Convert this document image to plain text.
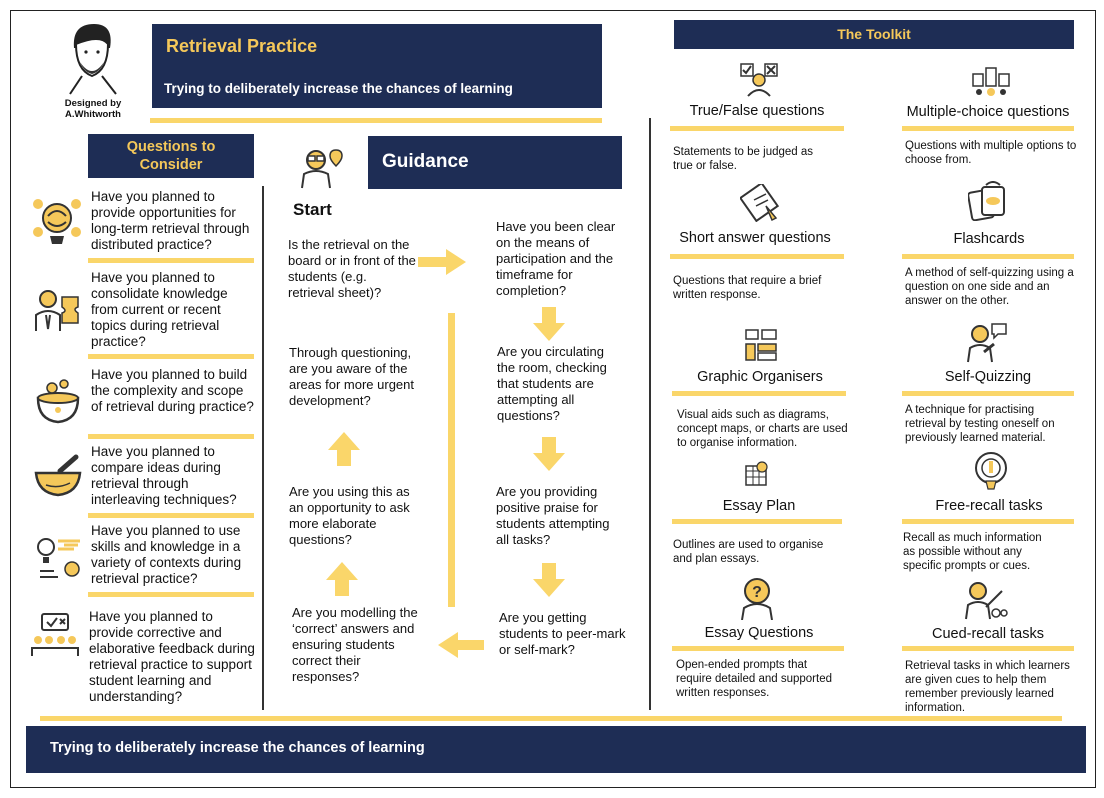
Designed by
A.Whitworth
Retrieval Practice
Trying to deliberately increase the chances of learning
Questions to
Consider
Have you planned to provide opportunities for long-term retrieval through distributed practice?
Have you planned to consolidate knowledge from current or recent topics during retrieval practice?
Have you planned to build the complexity and scope of retrieval during practice?
Have you planned to compare ideas during retrieval through interleaving techniques?
Have you planned to use skills and knowledge in a variety of contexts during retrieval practice?
Have you planned to provide corrective and elaborative feedback during retrieval practice to support student learning and understanding?
Guidance
Start
Is the retrieval on the board or in front of the students (e.g. retrieval sheet)?
Have you been clear on the means of participation and the timeframe for completion?
Are you circulating the room, checking that students are attempting all questions?
Are you providing positive praise for students attempting all tasks?
Are you getting students to peer-mark or self-mark?
Are you modelling the ‘correct’ answers and ensuring students correct their responses?
Are you using this as an opportunity to ask more elaborate questions?
Through questioning, are you aware of the areas for more urgent development?
The Toolkit
True/False questions
Statements to be judged as true or false.
Multiple-choice questions
Questions with multiple options to choose from.
Short answer questions
Questions that require a brief written response.
Flashcards
A method of self-quizzing using a question on one side and an answer on the other.
Graphic Organisers
Visual aids such as diagrams, concept maps, or charts are used to organise information.
Self-Quizzing
A technique for practising retrieval by testing oneself on previously learned material.
Essay Plan
Outlines are used to organise and plan essays.
Free-recall tasks
Recall as much information as possible without any specific prompts or cues.
?
Essay Questions
Open-ended prompts that require detailed and supported written responses.
Cued-recall tasks
Retrieval tasks in which learners are given cues to help them remember previously learned information.
Trying to deliberately increase the chances of learning
